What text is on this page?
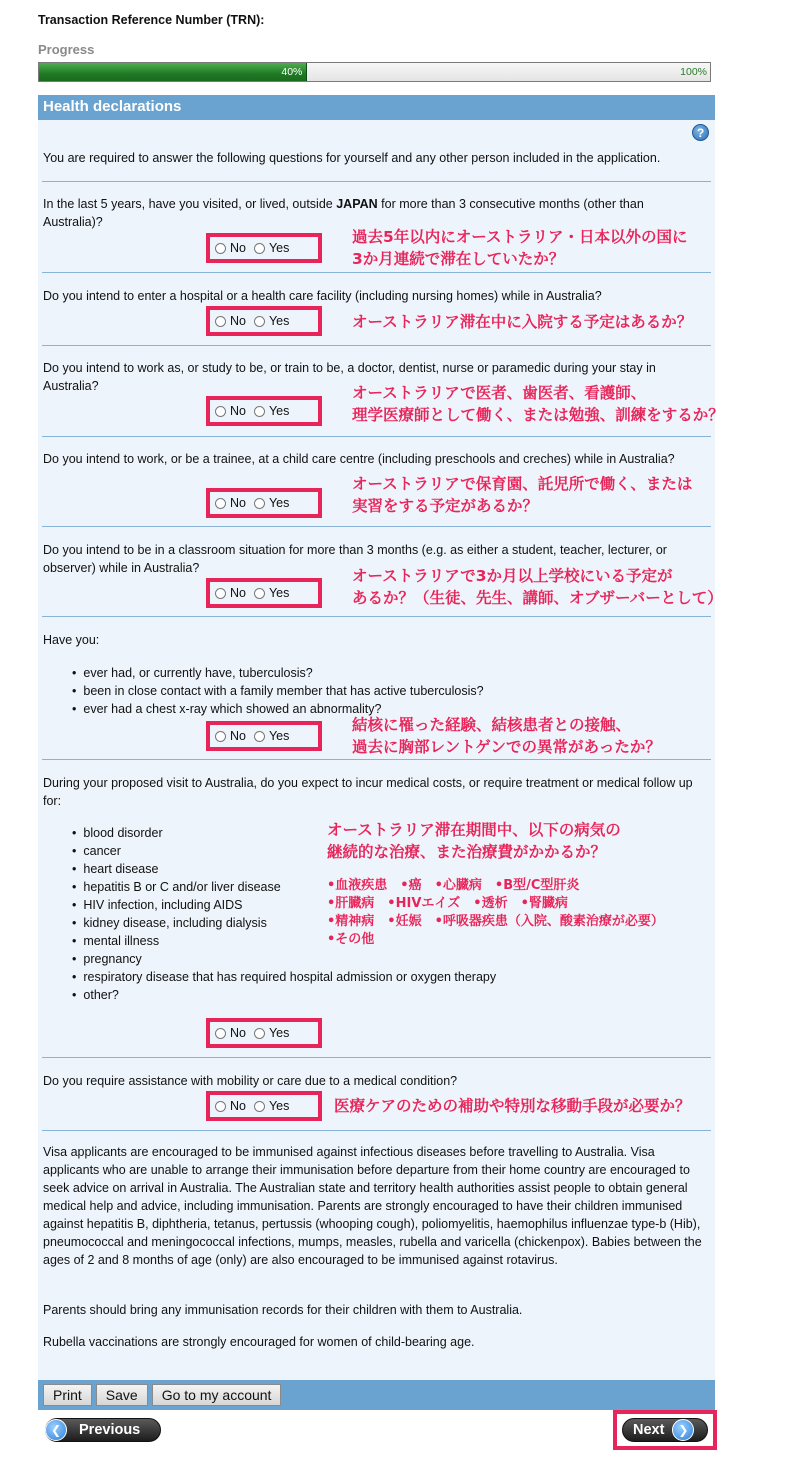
Transaction Reference Number (TRN):
Progress
40%	100%
Health declarations
?
You are required to answer the following questions for yourself and any other person included in the application.
In the last 5 years, have you visited, or lived, outside JAPAN for more than 3 consecutive months (other than Australia)?
No Yes
Do you intend to enter a hospital or a health care facility (including nursing homes) while in Australia?
No Yes
Do you intend to work as, or study to be, or train to be, a doctor, dentist, nurse or paramedic during your stay in Australia?
No Yes
Do you intend to work, or be a trainee, at a child care centre (including preschools and creches) while in Australia?
No Yes
Do you intend to be in a classroom situation for more than 3 months (e.g. as either a student, teacher, lecturer, or observer) while in Australia?
No Yes
Have you:
• ever had, or currently have, tuberculosis?
• been in close contact with a family member that has active tuberculosis?
• ever had a chest x-ray which showed an abnormality?
No Yes
During your proposed visit to Australia, do you expect to incur medical costs, or require treatment or medical follow up for:
• blood disorder
• cancer
• heart disease
• hepatitis B or C and/or liver disease
• HIV infection, including AIDS
• kidney disease, including dialysis
• mental illness
• pregnancy
• respiratory disease that has required hospital admission or oxygen therapy
• other?
No Yes
Do you require assistance with mobility or care due to a medical condition?
No Yes
Visa applicants are encouraged to be immunised against infectious diseases before travelling to Australia. Visa applicants who are unable to arrange their immunisation before departure from their home country are encouraged to seek advice on arrival in Australia. The Australian state and territory health authorities assist people to obtain general medical help and advice, including immunisation. Parents are strongly encouraged to have their children immunised against hepatitis B, diphtheria, tetanus, pertussis (whooping cough), poliomyelitis, haemophilus influenzae type-b (Hib), pneumococcal and meningococcal infections, mumps, measles, rubella and varicella (chickenpox). Babies between the ages of 2 and 8 months of age (only) are also encouraged to be immunised against rotavirus.
Parents should bring any immunisation records for their children with them to Australia.
Rubella vaccinations are strongly encouraged for women of child-bearing age.
過去5年以内にオーストラリア・日本以外の国に
3か月連続で滞在していたか？
オーストラリア滞在中に入院する予定はあるか？
オーストラリアで医者、歯医者、看護師、
理学医療師として働く、または勉強、訓練をするか？
オーストラリアで保育園、託児所で働く、または
実習をする予定があるか？
オーストラリアで3か月以上学校にいる予定が
あるか？（生徒、先生、講師、オブザーバーとして）
結核に罹った経験、結核患者との接触、
過去に胸部レントゲンでの異常があったか？
オーストラリア滞在期間中、以下の病気の
継続的な治療、また治療費がかかるか？
•血液疾患　•癌　•心臓病　•B型/C型肝炎
•肝臓病　•HIVエイズ　•透析　•腎臓病
•精神病　•妊娠　•呼吸器疾患（入院、酸素治療が必要）
•その他
医療ケアのための補助や特別な移動手段が必要か？
Print	Save	Go to my account
❮	Previous	Next	❯
